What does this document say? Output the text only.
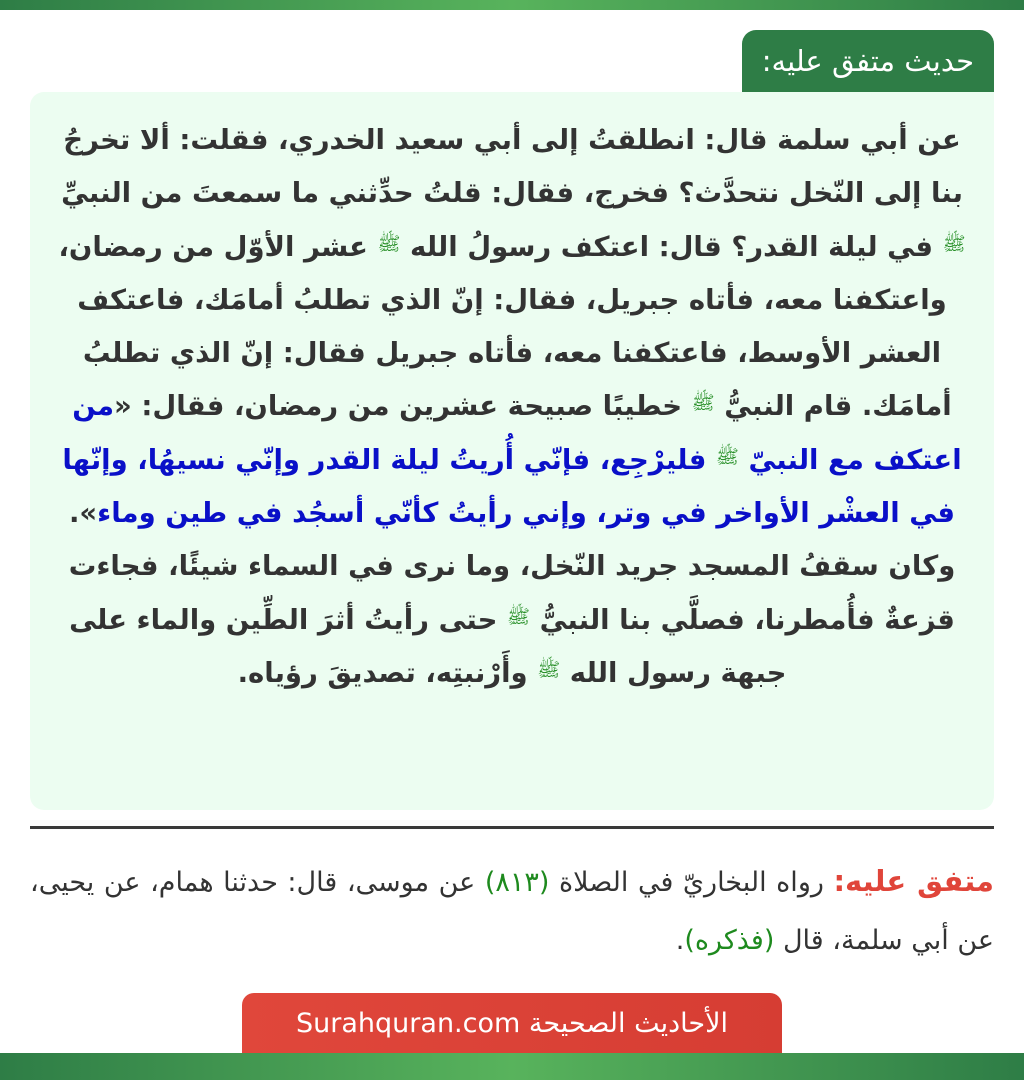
حديث متفق عليه:

عن أبي سلمة قال: انطلقتُ إلى أبي سعيد الخدري، فقلت: ألا تخرجُ بنا إلى النّخل نتحدَّث؟ فخرج، فقال: قلتُ حدِّثني ما سمعتَ من النبيِّ ﷺ في ليلة القدر؟ قال: اعتكف رسولُ الله ﷺ عشر الأوّل من رمضان، واعتكفنا معه، فأتاه جبريل، فقال: إنّ الذي تطلبُ أمامَك، فاعتكف العشر الأوسط، فاعتكفنا معه، فأتاه جبريل فقال: إنّ الذي تطلبُ أمامَك. قام النبيُّ ﷺ خطيبًا صبيحة عشرين من رمضان، فقال: «من اعتكف مع النبيّ ﷺ فليرْجِع، فإنّي أُريتُ ليلة القدر وإنّي نسيهُا، وإنّها في العشْر الأواخر في وتر، وإني رأيتُ كأنّي أسجُد في طين وماء». وكان سقفُ المسجد جريد النّخل، وما نرى في السماء شيئًا، فجاءت قزعةٌ فأُمطرنا، فصلَّي بنا النبيُّ ﷺ حتى رأيتُ أثرَ الطِّين والماء على جبهة رسول الله ﷺ وأَرْنبتِه، تصديقَ رؤياه.

متفق عليه: رواه البخاريّ في الصلاة (٨١٣) عن موسى، قال: حدثنا همام، عن يحيى، عن أبي سلمة، قال (فذكره).
الأحاديث الصحيحة Surahquran.com
